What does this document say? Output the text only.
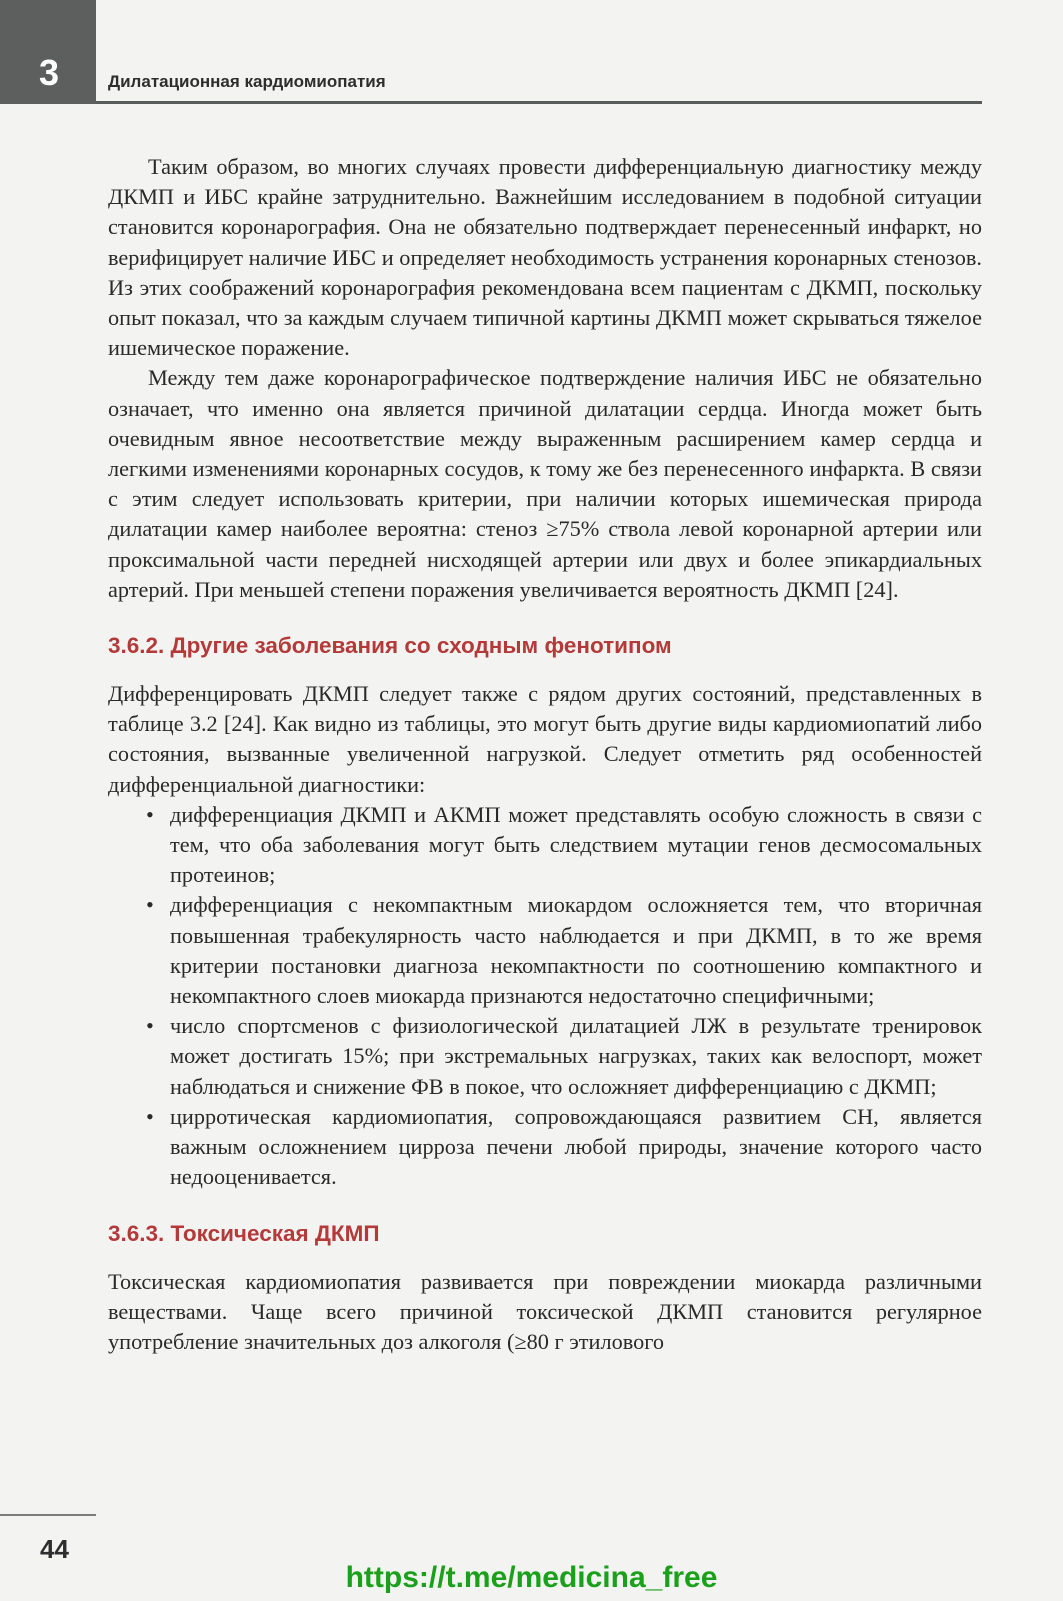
3	Дилатационная кардиомиопатия

Таким образом, во многих случаях провести дифференциальную диагностику между ДКМП и ИБС крайне затруднительно. Важнейшим исследованием в подобной ситуации становится коронарография. Она не обязательно подтверждает перенесенный инфаркт, но верифицирует наличие ИБС и определяет необходимость устранения коронарных стенозов. Из этих соображений коронарография рекомендована всем пациентам с ДКМП, поскольку опыт показал, что за каждым случаем типичной картины ДКМП может скрываться тяжелое ишемическое поражение.

Между тем даже коронарографическое подтверждение наличия ИБС не обязательно означает, что именно она является причиной дилатации сердца. Иногда может быть очевидным явное несоответствие между выраженным расширением камер сердца и легкими изменениями коронарных сосудов, к тому же без перенесенного инфаркта. В связи с этим следует использовать критерии, при наличии которых ишемическая природа дилатации камер наиболее вероятна: стеноз ≥75% ствола левой коронарной артерии или проксимальной части передней нисходящей артерии или двух и более эпикардиальных артерий. При меньшей степени поражения увеличивается вероятность ДКМП [24].

3.6.2. Другие заболевания со сходным фенотипом

Дифференцировать ДКМП следует также с рядом других состояний, представленных в таблице 3.2 [24]. Как видно из таблицы, это могут быть другие виды кардиомиопатий либо состояния, вызванные увеличенной нагрузкой. Следует отметить ряд особенностей дифференциальной диагностики:

• дифференциация ДКМП и АКМП может представлять особую сложность в связи с тем, что оба заболевания могут быть следствием мутации генов десмосомальных протеинов;
• дифференциация с некомпактным миокардом осложняется тем, что вторичная повышенная трабекулярность часто наблюдается и при ДКМП, в то же время критерии постановки диагноза некомпактности по соотношению компактного и некомпактного слоев миокарда признаются недостаточно специфичными;
• число спортсменов с физиологической дилатацией ЛЖ в результате тренировок может достигать 15%; при экстремальных нагрузках, таких как велоспорт, может наблюдаться и снижение ФВ в покое, что осложняет дифференциацию с ДКМП;
• цирротическая кардиомиопатия, сопровождающаяся развитием СН, является важным осложнением цирроза печени любой природы, значение которого часто недооценивается.
3.6.3. Токсическая ДКМП

Токсическая кардиомиопатия развивается при повреждении миокарда различными веществами. Чаще всего причиной токсической ДКМП становится регулярное употребление значительных доз алкоголя (≥80 г этилового

44
https://t.me/medicina_free
